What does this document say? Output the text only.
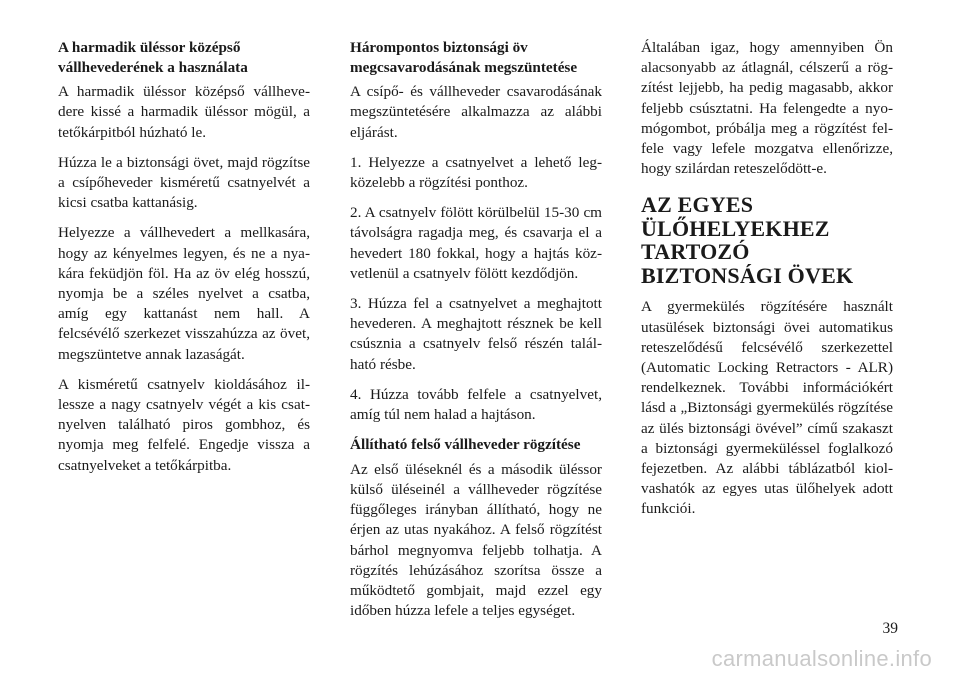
A harmadik üléssor középső vállhevederének a használata

A harmadik üléssor középső vállhevedere kissé a harmadik üléssor mögül, a tetőkárpitból húzható le.

Húzza le a biztonsági övet, majd rögzítse a csípőheveder kisméretű csatnyelvét a kicsi csatba kattanásig.

Helyezze a vállhevedert a mellkasára, hogy az kényelmes legyen, és ne a nyakára feküdjön föl. Ha az öv elég hosszú, nyomja be a széles nyelvet a csatba, amíg egy kattanást nem hall. A felcsévélő szerkezet visszahúzza az övet, megszüntetve annak lazaságát.

A kisméretű csatnyelv kioldásához illessze a nagy csatnyelv végét a kis csatnyelven található piros gombhoz, és nyomja meg felfelé. Engedje vissza a csatnyelveket a tetőkárpitba.

Hárompontos biztonsági öv megcsavarodásának megszüntetése

A csípő- és vállheveder csavarodásának megszüntetésére alkalmazza az alábbi eljárást.

1. Helyezze a csatnyelvet a lehető legközelebb a rögzítési ponthoz.

2. A csatnyelv fölött körülbelül 15-30 cm távolságra ragadja meg, és csavarja el a hevedert 180 fokkal, hogy a hajtás közvetlenül a csatnyelv fölött kezdődjön.

3. Húzza fel a csatnyelvet a meghajtott hevederen. A meghajtott résznek be kell csúsznia a csatnyelv felső részén található résbe.

4. Húzza tovább felfele a csatnyelvet, amíg túl nem halad a hajtáson.

Állítható felső vállheveder rögzítése

Az első üléseknél és a második üléssor külső üléseinél a vállheveder rögzítése függőleges irányban állítható, hogy ne érjen az utas nyakához. A felső rögzítést bárhol megnyomva feljebb tolhatja. A rögzítés lehúzásához szorítsa össze a működtető gombjait, majd ezzel egy időben húzza lefele a teljes egységet.

Általában igaz, hogy amennyiben Ön alacsonyabb az átlagnál, célszerű a rögzítést lejjebb, ha pedig magasabb, akkor feljebb csúsztatni. Ha felengedte a nyomógombot, próbálja meg a rögzítést felfele vagy lefele mozgatva ellenőrizze, hogy szilárdan reteszelődött-e.

AZ EGYES ÜLŐHELYEKHEZ TARTOZÓ BIZTONSÁGI ÖVEK

A gyermekülés rögzítésére használt utasülések biztonsági övei automatikus reteszelődésű felcsévélő szerkezettel (Automatic Locking Retractors - ALR) rendelkeznek. További információkért lásd a „Biztonsági gyermekülés rögzítése az ülés biztonsági övével” című szakaszt a biztonsági gyermeküléssel foglalkozó fejezetben. Az alábbi táblázatból kiolvashatók az egyes utas ülőhelyek adott funkciói.

39
carmanualsonline.info
